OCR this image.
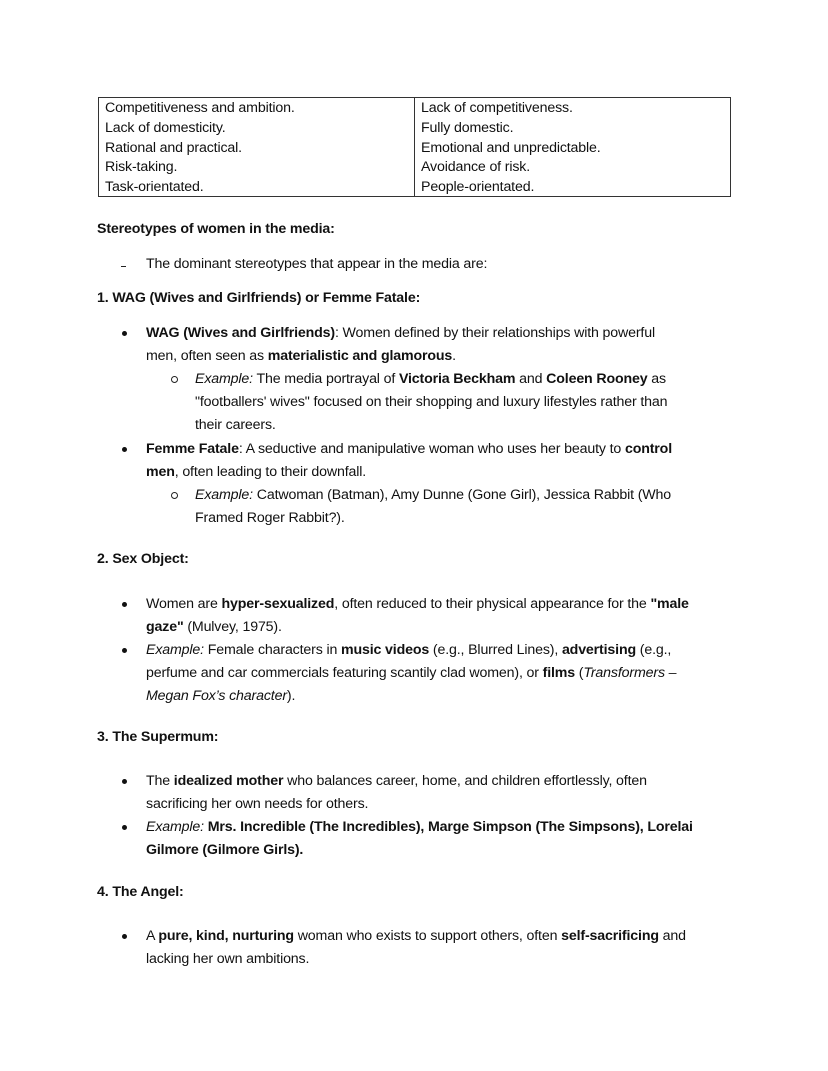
Competitiveness and ambition.
Lack of domesticity.
Rational and practical.
Risk-taking.
Task-orientated.
Lack of competitiveness.
Fully domestic.
Emotional and unpredictable.
Avoidance of risk.
People-orientated.
Stereotypes of women in the media:
The dominant stereotypes that appear in the media are:
1. WAG (Wives and Girlfriends) or Femme Fatale:
WAG (Wives and Girlfriends): Women defined by their relationships with powerful
men, often seen as materialistic and glamorous.
Example: The media portrayal of Victoria Beckham and Coleen Rooney as
"footballers' wives" focused on their shopping and luxury lifestyles rather than
their careers.
Femme Fatale: A seductive and manipulative woman who uses her beauty to control
men, often leading to their downfall.
Example: Catwoman (Batman), Amy Dunne (Gone Girl), Jessica Rabbit (Who
Framed Roger Rabbit?).
2. Sex Object:
Women are hyper-sexualized, often reduced to their physical appearance for the "male
gaze" (Mulvey, 1975).
Example: Female characters in music videos (e.g., Blurred Lines), advertising (e.g.,
perfume and car commercials featuring scantily clad women), or films (Transformers –
Megan Fox’s character).
3. The Supermum:
The idealized mother who balances career, home, and children effortlessly, often
sacrificing her own needs for others.
Example: Mrs. Incredible (The Incredibles), Marge Simpson (The Simpsons), Lorelai
Gilmore (Gilmore Girls).
4. The Angel:
A pure, kind, nurturing woman who exists to support others, often self-sacrificing and
lacking her own ambitions.
